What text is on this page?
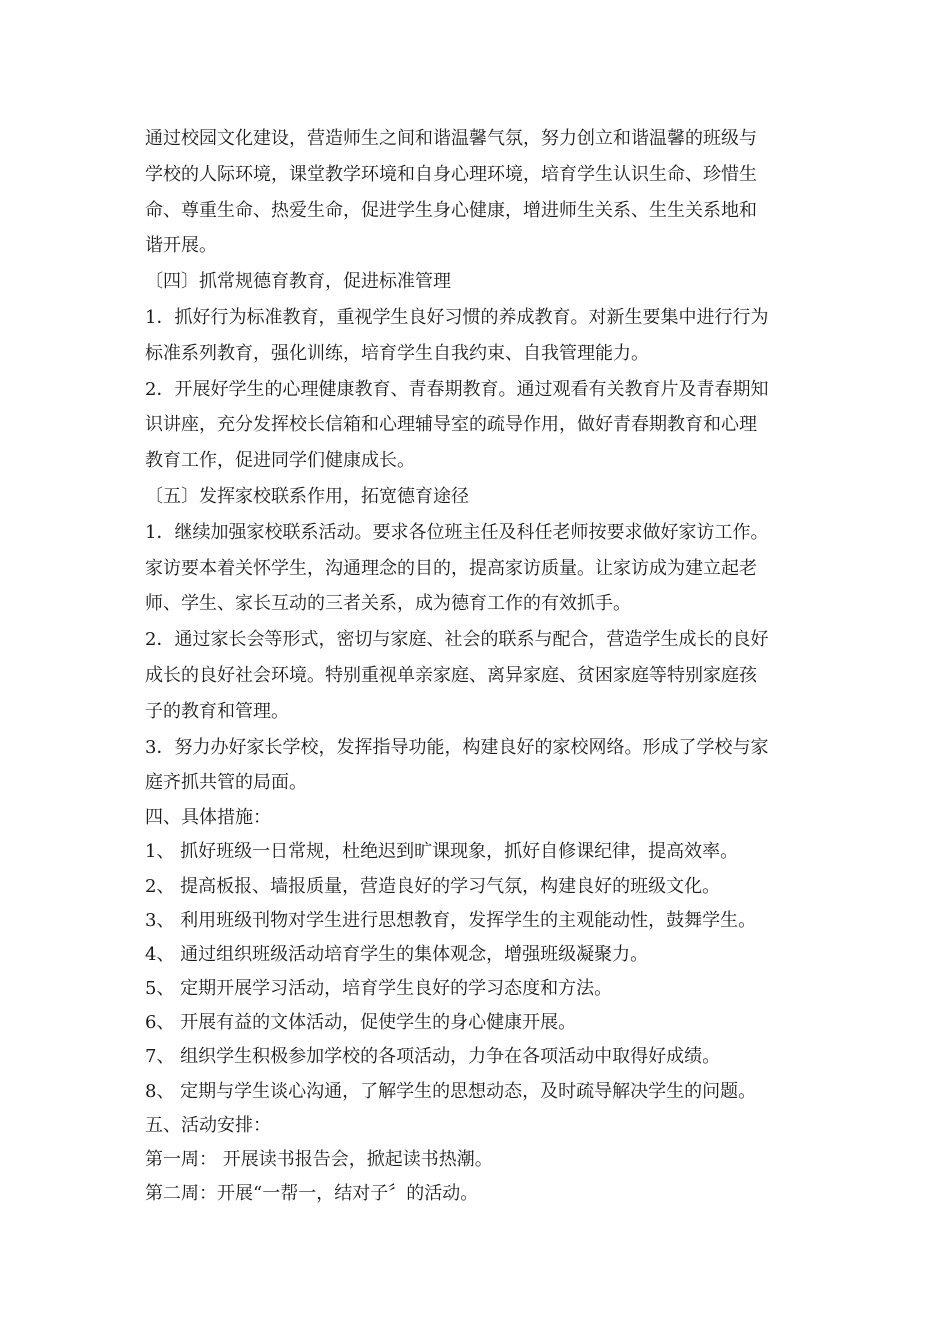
通过校园文化建设，营造师生之间和谐温馨气氛，努力创立和谐温馨的班级与
学校的人际环境，课堂教学环境和自身心理环境，培育学生认识生命、珍惜生
命、尊重生命、热爱生命，促进学生身心健康，增进师生关系、生生关系地和
谐开展。
〔四〕抓常规德育教育，促进标准管理
1．抓好行为标准教育，重视学生良好习惯的养成教育。对新生要集中进行行为
标准系列教育，强化训练，培育学生自我约束、自我管理能力。
2．开展好学生的心理健康教育、青春期教育。通过观看有关教育片及青春期知
识讲座，充分发挥校长信箱和心理辅导室的疏导作用，做好青春期教育和心理
教育工作，促进同学们健康成长。
〔五〕发挥家校联系作用，拓宽德育途径
1．继续加强家校联系活动。要求各位班主任及科任老师按要求做好家访工作。
家访要本着关怀学生，沟通理念的目的，提高家访质量。让家访成为建立起老
师、学生、家长互动的三者关系，成为德育工作的有效抓手。
2．通过家长会等形式，密切与家庭、社会的联系与配合，营造学生成长的良好
成长的良好社会环境。特别重视单亲家庭、离异家庭、贫困家庭等特别家庭孩
子的教育和管理。
3．努力办好家长学校，发挥指导功能，构建良好的家校网络。形成了学校与家
庭齐抓共管的局面。
四、具体措施：
1、 抓好班级一日常规，杜绝迟到旷课现象，抓好自修课纪律，提高效率。
2、 提高板报、墙报质量，营造良好的学习气氛，构建良好的班级文化。
3、 利用班级刊物对学生进行思想教育，发挥学生的主观能动性，鼓舞学生。
4、 通过组织班级活动培育学生的集体观念，增强班级凝聚力。
5、 定期开展学习活动，培育学生良好的学习态度和方法。
6、 开展有益的文体活动，促使学生的身心健康开展。
7、 组织学生积极参加学校的各项活动，力争在各项活动中取得好成绩。
8、 定期与学生谈心沟通，了解学生的思想动态，及时疏导解决学生的问题。
五、活动安排：
第一周： 开展读书报告会，掀起读书热潮。
第二周：开展“一帮一，结对子〞的活动。
